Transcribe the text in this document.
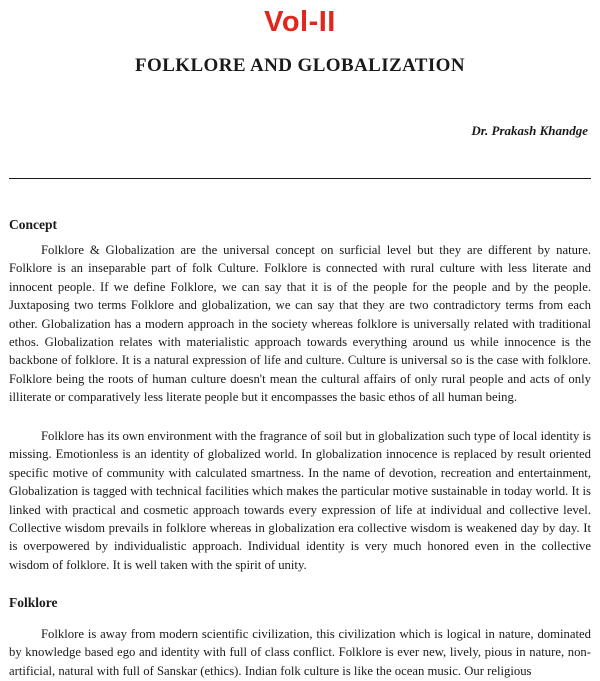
Vol-II
FOLKLORE AND GLOBALIZATION
Dr. Prakash Khandge
Concept

Folklore & Globalization are the universal concept on surficial level but they are different by nature. Folklore is an inseparable part of folk Culture. Folklore is connected with rural culture with less literate and innocent people. If we define Folklore, we can say that it is of the people for the people and by the people. Juxtaposing two terms Folklore and globalization, we can say that they are two contradictory terms from each other. Globalization has a modern approach in the society whereas folklore is universally related with traditional ethos. Globalization relates with materialistic approach towards everything around us while innocence is the backbone of folklore. It is a natural expression of life and culture. Culture is universal so is the case with folklore. Folklore being the roots of human culture doesn't mean the cultural affairs of only rural people and acts of only illiterate or comparatively less literate people but it encompasses the basic ethos of all human being.

Folklore has its own environment with the fragrance of soil but in globalization such type of local identity is missing. Emotionless is an identity of globalized world. In globalization innocence is replaced by result oriented specific motive of community with calculated smartness. In the name of devotion, recreation and entertainment, Globalization is tagged with technical facilities which makes the particular motive sustainable in today world. It is linked with practical and cosmetic approach towards every expression of life at individual and collective level. Collective wisdom prevails in folklore whereas in globalization era collective wisdom is weakened day by day. It is overpowered by individualistic approach. Individual identity is very much honored even in the collective wisdom of folklore. It is well taken with the spirit of unity.

Folklore

Folklore is away from modern scientific civilization, this civilization which is logical in nature, dominated by knowledge based ego and identity with full of class conflict. Folklore is ever new, lively, pious in nature, non-artificial, natural with full of Sanskar (ethics). Indian folk culture is like the ocean music. Our religious
